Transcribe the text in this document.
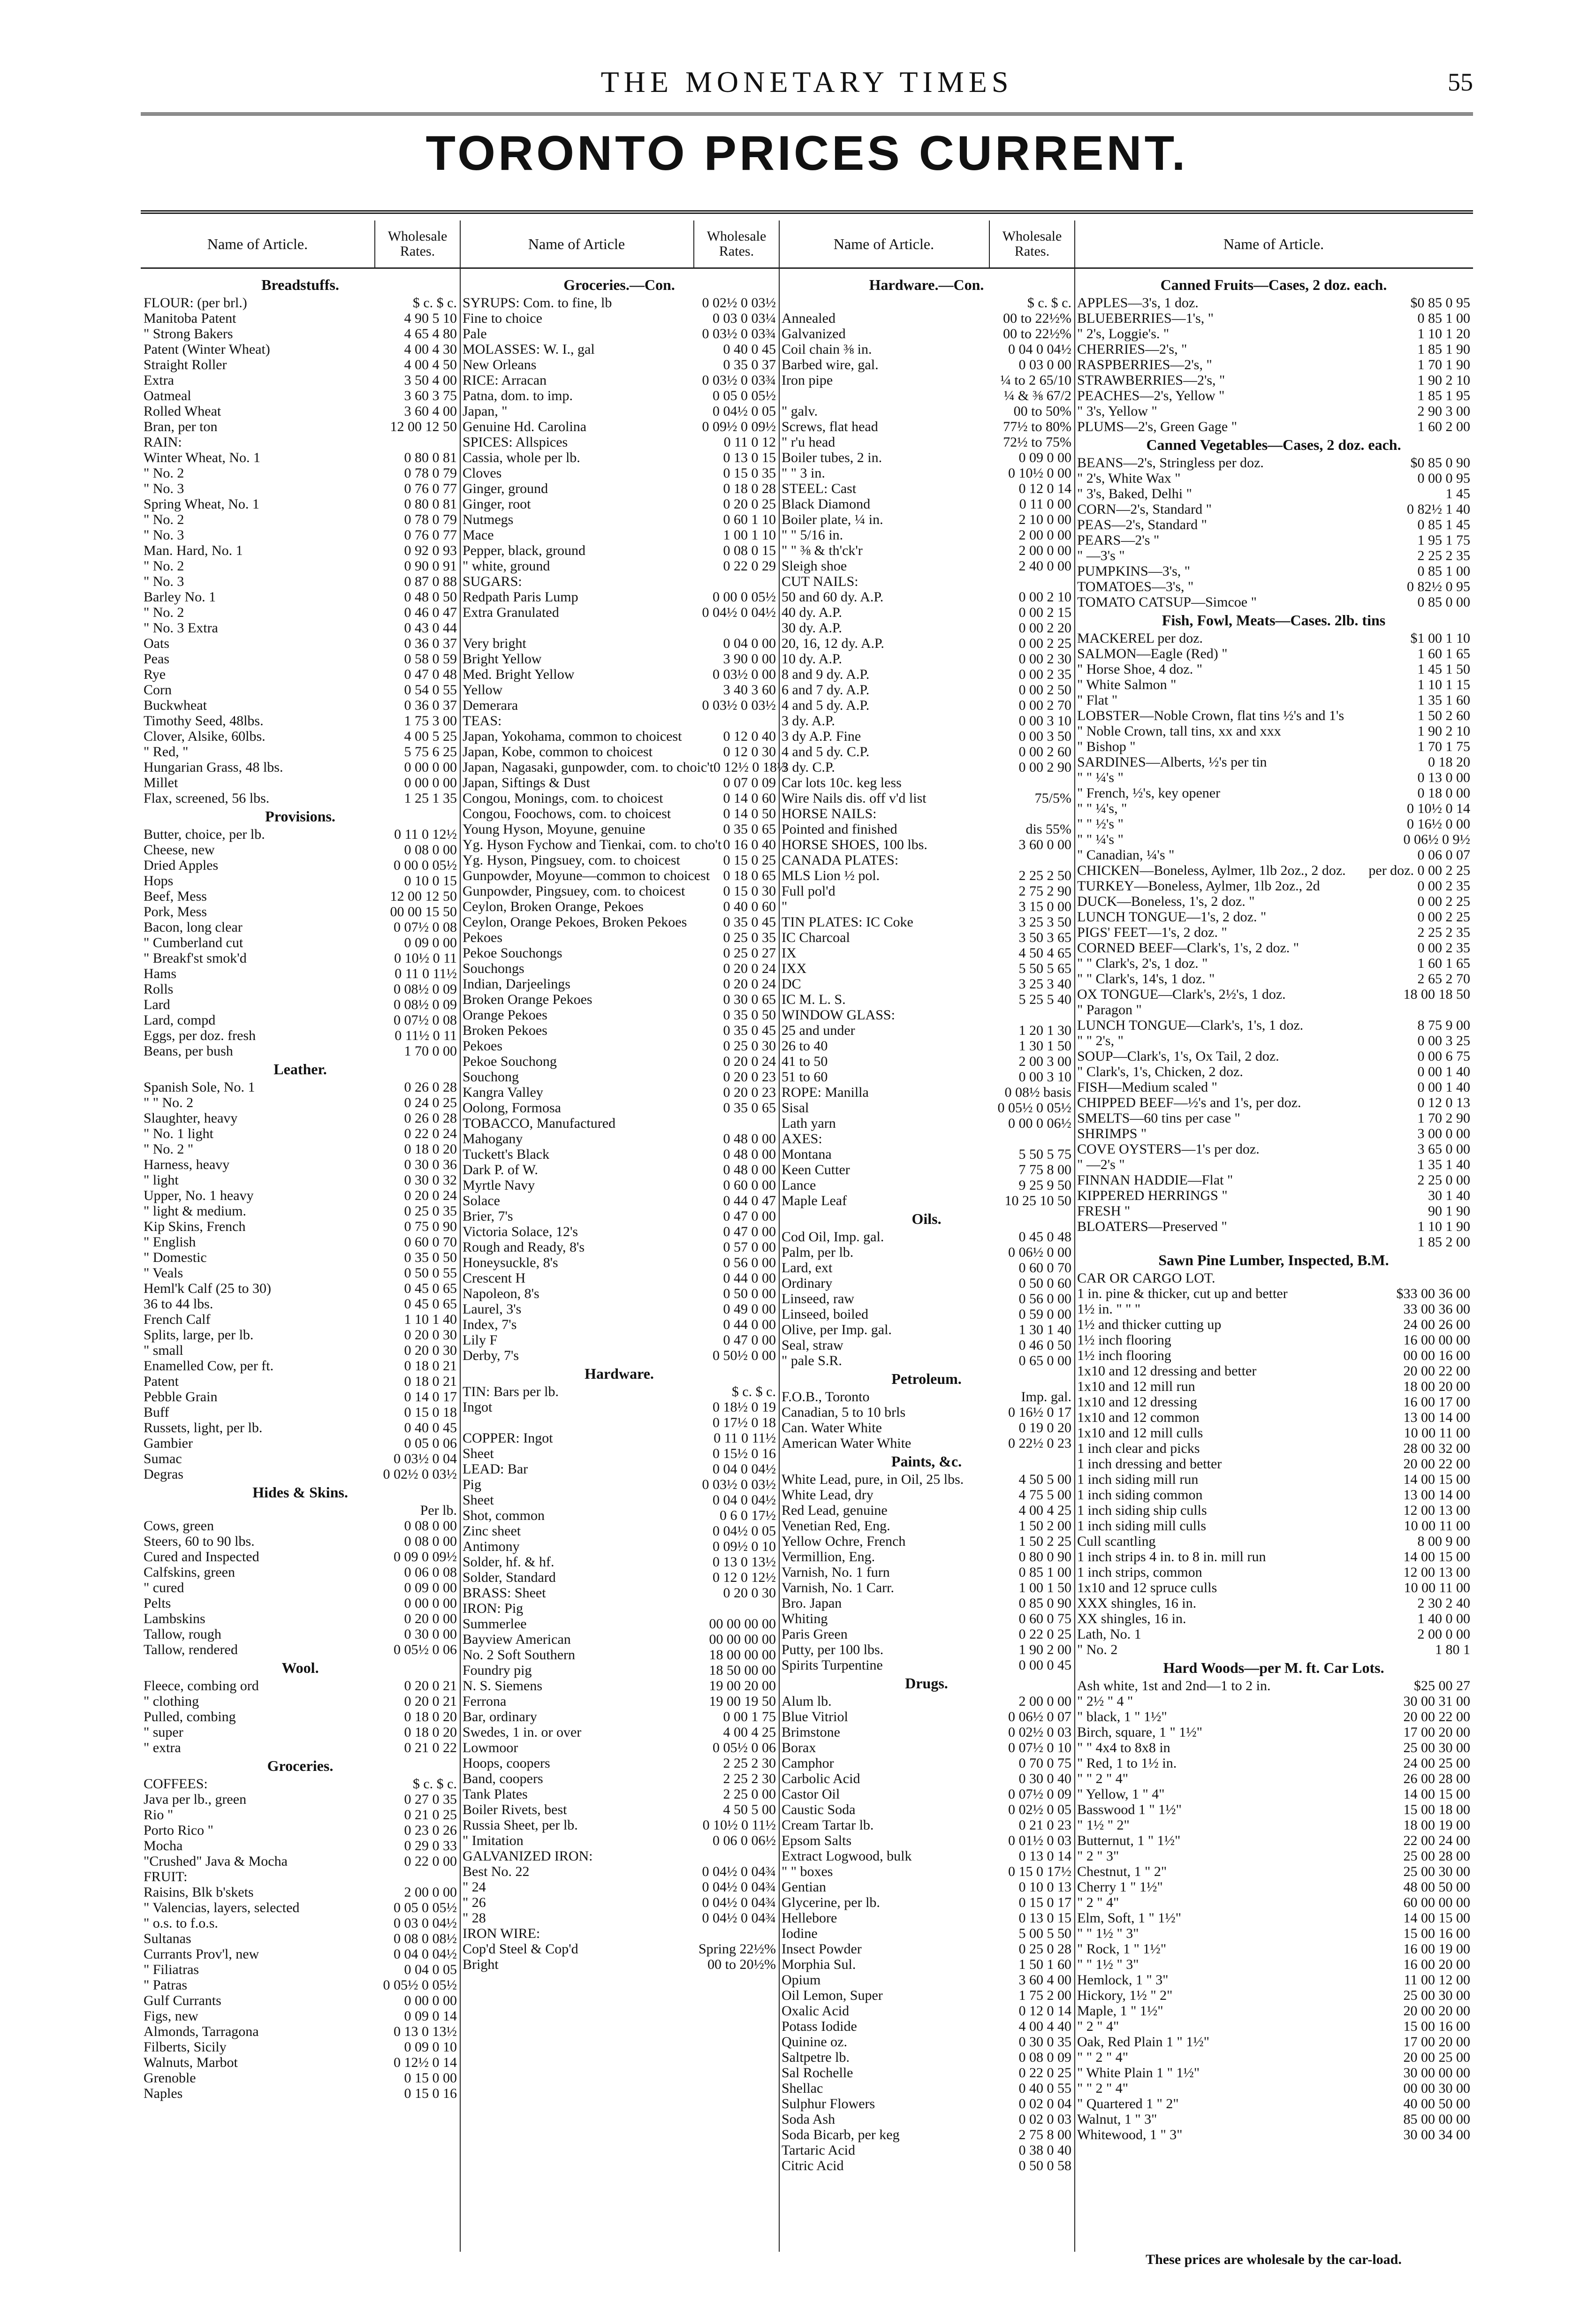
THE MONETARY TIMES	55
TORONTO PRICES CURRENT.
Name of Article.	Wholesale Rates.
Breadstuffs.
FLOUR: (per brl.)	$ c. $ c.
Manitoba Patent	4 90 5 10
" Strong Bakers	4 65 4 80
Patent (Winter Wheat)	4 00 4 30
Straight Roller	4 00 4 50
Extra	3 50 4 00
Oatmeal	3 60 3 75
Rolled Wheat	3 60 4 00
Bran, per ton	12 00 12 50
RAIN:
Winter Wheat, No. 1	0 80 0 81
" No. 2	0 78 0 79
" No. 3	0 76 0 77
Spring Wheat, No. 1	0 80 0 81
" No. 2	0 78 0 79
" No. 3	0 76 0 77
Man. Hard, No. 1	0 92 0 93
" No. 2	0 90 0 91
" No. 3	0 87 0 88
Barley No. 1	0 48 0 50
" No. 2	0 46 0 47
" No. 3 Extra	0 43 0 44
Oats	0 36 0 37
Peas	0 58 0 59
Rye	0 47 0 48
Corn	0 54 0 55
Buckwheat	0 36 0 37
Timothy Seed, 48lbs.	1 75 3 00
Clover, Alsike, 60lbs.	4 00 5 25
" Red, "	5 75 6 25
Hungarian Grass, 48 lbs.	0 00 0 00
Millet	0 00 0 00
Flax, screened, 56 lbs.	1 25 1 35
Provisions.
Butter, choice, per lb.	0 11 0 12½
Cheese, new	0 08 0 00
Dried Apples	0 00 0 05½
Hops	0 10 0 15
Beef, Mess	12 00 12 50
Pork, Mess	00 00 15 50
Bacon, long clear	0 07½ 0 08
" Cumberland cut	0 09 0 00
" Breakf'st smok'd	0 10½ 0 11
Hams	0 11 0 11½
Rolls	0 08½ 0 09
Lard	0 08½ 0 09
Lard, compd	0 07½ 0 08
Eggs, per doz. fresh	0 11½ 0 11
Beans, per bush	1 70 0 00
Leather.
Spanish Sole, No. 1	0 26 0 28
" " No. 2	0 24 0 25
Slaughter, heavy	0 26 0 28
" No. 1 light	0 22 0 24
" No. 2 "	0 18 0 20
Harness, heavy	0 30 0 36
" light	0 30 0 32
Upper, No. 1 heavy	0 20 0 24
" light & medium.	0 25 0 35
Kip Skins, French	0 75 0 90
" English	0 60 0 70
" Domestic	0 35 0 50
" Veals	0 50 0 55
Heml'k Calf (25 to 30)	0 45 0 65
36 to 44 lbs.	0 45 0 65
French Calf	1 10 1 40
Splits, large, per lb.	0 20 0 30
" small	0 20 0 30
Enamelled Cow, per ft.	0 18 0 21
Patent	0 18 0 21
Pebble Grain	0 14 0 17
Buff	0 15 0 18
Russets, light, per lb.	0 40 0 45
Gambier	0 05 0 06
Sumac	0 03½ 0 04
Degras	0 02½ 0 03½
Hides & Skins.
Per lb.
Cows, green	0 08 0 00
Steers, 60 to 90 lbs.	0 08 0 00
Cured and Inspected	0 09 0 09½
Calfskins, green	0 06 0 08
" cured	0 09 0 00
Pelts	0 00 0 00
Lambskins	0 20 0 00
Tallow, rough	0 30 0 00
Tallow, rendered	0 05½ 0 06
Wool.
Fleece, combing ord	0 20 0 21
" clothing	0 20 0 21
Pulled, combing	0 18 0 20
" super	0 18 0 20
" extra	0 21 0 22
Groceries.
COFFEES:	$ c. $ c.
Java per lb., green	0 27 0 35
Rio "	0 21 0 25
Porto Rico "	0 23 0 26
Mocha	0 29 0 33
"Crushed" Java & Mocha	0 22 0 00
FRUIT:
Raisins, Blk b'skets	2 00 0 00
" Valencias, layers, selected	0 05 0 05½
" o.s. to f.o.s.	0 03 0 04½
Sultanas	0 08 0 08½
Currants Prov'l, new	0 04 0 04½
" Filiatras	0 04 0 05
" Patras	0 05½ 0 05½
Gulf Currants	0 00 0 00
Figs, new	0 09 0 14
Almonds, Tarragona	0 13 0 13½
Filberts, Sicily	0 09 0 10
Walnuts, Marbot	0 12½ 0 14
Grenoble	0 15 0 00
Naples	0 15 0 16
Name of Article	Wholesale Rates.
Groceries.—Con.
SYRUPS: Com. to fine, lb	0 02½ 0 03½
Fine to choice	0 03 0 03¼
Pale	0 03½ 0 03¾
MOLASSES: W. I., gal	0 40 0 45
New Orleans	0 35 0 37
RICE: Arracan	0 03½ 0 03¾
Patna, dom. to imp.	0 05 0 05½
Japan, "	0 04½ 0 05
Genuine Hd. Carolina	0 09½ 0 09½
SPICES: Allspices	0 11 0 12
Cassia, whole per lb.	0 13 0 15
Cloves	0 15 0 35
Ginger, ground	0 18 0 28
Ginger, root	0 20 0 25
Nutmegs	0 60 1 10
Mace	1 00 1 10
Pepper, black, ground	0 08 0 15
" white, ground	0 22 0 29
SUGARS:
Redpath Paris Lump	0 00 0 05½
Extra Granulated	0 04½ 0 04½
Very bright	0 04 0 00
Bright Yellow	3 90 0 00
Med. Bright Yellow	0 03½ 0 00
Yellow	3 40 3 60
Demerara	0 03½ 0 03½
TEAS:
Japan, Yokohama, common to choicest	0 12 0 40
Japan, Kobe, common to choicest	0 12 0 30
Japan, Nagasaki, gunpowder, com. to choic't 0 12½ 0 18½
Japan, Siftings & Dust	0 07 0 09
Congou, Monings, com. to choicest	0 14 0 60
Congou, Foochows, com. to choicest	0 14 0 50
Young Hyson, Moyune, genuine	0 35 0 65
Yg. Hyson Fychow and Tienkai, com. to cho't 0 16 0 40
Yg. Hyson, Pingsuey, com. to choicest	0 15 0 25
Gunpowder, Moyune—common to choicest 0 18 0 65
Gunpowder, Pingsuey, com. to choicest	0 15 0 30
Ceylon, Broken Orange, Pekoes	0 40 0 60
Ceylon, Orange Pekoes, Broken Pekoes	0 35 0 45
Pekoes	0 25 0 35
Pekoe Souchongs	0 25 0 27
Souchongs	0 20 0 24
Indian, Darjeelings	0 20 0 24
Broken Orange Pekoes	0 30 0 65
Orange Pekoes	0 35 0 50
Broken Pekoes	0 35 0 45
Pekoes	0 25 0 30
Pekoe Souchong	0 20 0 24
Souchong	0 20 0 23
Kangra Valley	0 20 0 23
Oolong, Formosa	0 35 0 65
TOBACCO, Manufactured
Mahogany	0 48 0 00
Tuckett's Black	0 48 0 00
Dark P. of W.	0 48 0 00
Myrtle Navy	0 60 0 00
Solace	0 44 0 47
Brier, 7's	0 47 0 00
Victoria Solace, 12's	0 47 0 00
Rough and Ready, 8's	0 57 0 00
Honeysuckle, 8's	0 56 0 00
Crescent H	0 44 0 00
Napoleon, 8's	0 50 0 00
Laurel, 3's	0 49 0 00
Index, 7's	0 44 0 00
Lily F	0 47 0 00
Derby, 7's	0 50½ 0 00
Hardware.
TIN: Bars per lb.	$ c. $ c.
Ingot	0 18½ 0 19
0 17½ 0 18
COPPER: Ingot	0 11 0 11½
Sheet	0 15½ 0 16
LEAD: Bar	0 04 0 04½
Pig	0 03½ 0 03½
Sheet	0 04 0 04½
Shot, common	0 6 0 17½
Zinc sheet	0 04½ 0 05
Antimony	0 09½ 0 10
Solder, hf. & hf.	0 13 0 13½
Solder, Standard	0 12 0 12½
BRASS: Sheet	0 20 0 30
IRON: Pig
Summerlee	00 00 00 00
Bayview American	00 00 00 00
No. 2 Soft Southern	18 00 00 00
Foundry pig	18 50 00 00
N. S. Siemens	19 00 20 00
Ferrona	19 00 19 50
Bar, ordinary	0 00 1 75
Swedes, 1 in. or over	4 00 4 25
Lowmoor	0 05½ 0 06
Hoops, coopers	2 25 2 30
Band, coopers	2 25 2 30
Tank Plates	2 25 0 00
Boiler Rivets, best	4 50 5 00
Russia Sheet, per lb.	0 10½ 0 11½
" Imitation	0 06 0 06½
GALVANIZED IRON:
Best No. 22	0 04½ 0 04¾
" 24	0 04½ 0 04¾
" 26	0 04½ 0 04¾
" 28	0 04½ 0 04¾
IRON WIRE:
Cop'd Steel & Cop'd	Spring 22½%
Bright	00 to 20½%
Name of Article.	Wholesale Rates.
Hardware.—Con.
$ c. $ c.
Annealed	00 to 22½%
Galvanized	00 to 22½%
Coil chain ⅜ in.	0 04 0 04½
Barbed wire, gal.	0 03 0 00
Iron pipe	¼ to 2 65/10
¼ & ⅜ 67/2
" galv.	00 to 50%
Screws, flat head	77½ to 80%
" r'u head	72½ to 75%
Boiler tubes, 2 in.	0 09 0 00
" " 3 in.	0 10½ 0 00
STEEL: Cast	0 12 0 14
Black Diamond	0 11 0 00
Boiler plate, ¼ in.	2 10 0 00
" " 5/16 in.	2 00 0 00
" " ⅜ & th'ck'r	2 00 0 00
Sleigh shoe	2 40 0 00
CUT NAILS:
50 and 60 dy. A.P.	0 00 2 10
40 dy. A.P.	0 00 2 15
30 dy. A.P.	0 00 2 20
20, 16, 12 dy. A.P.	0 00 2 25
10 dy. A.P.	0 00 2 30
8 and 9 dy. A.P.	0 00 2 35
6 and 7 dy. A.P.	0 00 2 50
4 and 5 dy. A.P.	0 00 2 70
3 dy. A.P.	0 00 3 10
3 dy A.P. Fine	0 00 3 50
4 and 5 dy. C.P.	0 00 2 60
3 dy. C.P.	0 00 2 90
Car lots 10c. keg less
Wire Nails dis. off v'd list	75/5%
HORSE NAILS:
Pointed and finished	dis 55%
HORSE SHOES, 100 lbs.	3 60 0 00
CANADA PLATES:
MLS Lion ½ pol.	2 25 2 50
Full pol'd	2 75 2 90
"	3 15 0 00
TIN PLATES: IC Coke	3 25 3 50
IC Charcoal	3 50 3 65
IX	4 50 4 65
IXX	5 50 5 65
DC	3 25 3 40
IC M. L. S.	5 25 5 40
WINDOW GLASS:
25 and under	1 20 1 30
26 to 40	1 30 1 50
41 to 50	2 00 3 00
51 to 60	0 00 3 10
ROPE: Manilla	0 08½ basis
Sisal	0 05½ 0 05½
Lath yarn	0 00 0 06½
AXES:
Montana	5 50 5 75
Keen Cutter	7 75 8 00
Lance	9 25 9 50
Maple Leaf	10 25 10 50
Oils.
Cod Oil, Imp. gal.	0 45 0 48
Palm, per lb.	0 06½ 0 00
Lard, ext	0 60 0 70
Ordinary	0 50 0 60
Linseed, raw	0 56 0 00
Linseed, boiled	0 59 0 00
Olive, per Imp. gal.	1 30 1 40
Seal, straw	0 46 0 50
" pale S.R.	0 65 0 00
Petroleum.
F.O.B., Toronto	Imp. gal.
Canadian, 5 to 10 brls	0 16½ 0 17
Can. Water White	0 19 0 20
American Water White	0 22½ 0 23
Paints, &c.
White Lead, pure, in Oil, 25 lbs.	4 50 5 00
White Lead, dry	4 75 5 00
Red Lead, genuine	4 00 4 25
Venetian Red, Eng.	1 50 2 00
Yellow Ochre, French	1 50 2 25
Vermillion, Eng.	0 80 0 90
Varnish, No. 1 furn	0 85 1 00
Varnish, No. 1 Carr.	1 00 1 50
Bro. Japan	0 85 0 90
Whiting	0 60 0 75
Paris Green	0 22 0 25
Putty, per 100 lbs.	1 90 2 00
Spirits Turpentine	0 00 0 45
Drugs.
Alum lb.	2 00 0 00
Blue Vitriol	0 06½ 0 07
Brimstone	0 02½ 0 03
Borax	0 07½ 0 10
Camphor	0 70 0 75
Carbolic Acid	0 30 0 40
Castor Oil	0 07½ 0 09
Caustic Soda	0 02½ 0 05
Cream Tartar lb.	0 21 0 23
Epsom Salts	0 01½ 0 03
Extract Logwood, bulk	0 13 0 14
" " boxes	0 15 0 17½
Gentian	0 10 0 13
Glycerine, per lb.	0 15 0 17
Hellebore	0 13 0 15
Iodine	5 00 5 50
Insect Powder	0 25 0 28
Morphia Sul.	1 50 1 60
Opium	3 60 4 00
Oil Lemon, Super	1 75 2 00
Oxalic Acid	0 12 0 14
Potass Iodide	4 00 4 40
Quinine oz.	0 30 0 35
Saltpetre lb.	0 08 0 09
Sal Rochelle	0 22 0 25
Shellac	0 40 0 55
Sulphur Flowers	0 02 0 04
Soda Ash	0 02 0 03
Soda Bicarb, per keg	2 75 8 00
Tartaric Acid	0 38 0 40
Citric Acid	0 50 0 58
Name of Article.
Canned Fruits—Cases, 2 doz. each.
APPLES—3's, 1 doz.	$0 85 0 95
BLUEBERRIES—1's, "	0 85 1 00
" 2's, Loggie's. "	1 10 1 20
CHERRIES—2's, "	1 85 1 90
RASPBERRIES—2's, "	1 70 1 90
STRAWBERRIES—2's, "	1 90 2 10
PEACHES—2's, Yellow "	1 85 1 95
" 3's, Yellow "	2 90 3 00
PLUMS—2's, Green Gage "	1 60 2 00
Canned Vegetables—Cases, 2 doz. each.
BEANS—2's, Stringless per doz.	$0 85 0 90
" 2's, White Wax "	0 00 0 95
" 3's, Baked, Delhi "	1 45
CORN—2's, Standard "	0 82½ 1 40
PEAS—2's, Standard "	0 85 1 45
PEARS—2's "	1 95 1 75
" —3's "	2 25 2 35
PUMPKINS—3's, "	0 85 1 00
TOMATOES—3's, "	0 82½ 0 95
TOMATO CATSUP—Simcoe "	0 85 0 00
Fish, Fowl, Meats—Cases. 2lb. tins
MACKEREL per doz.	$1 00 1 10
SALMON—Eagle (Red) "	1 60 1 65
" Horse Shoe, 4 doz. "	1 45 1 50
" White Salmon "	1 10 1 15
" Flat "	1 35 1 60
LOBSTER—Noble Crown, flat tins ½'s and 1's	1 50 2 60
" Noble Crown, tall tins, xx and xxx	1 90 2 10
" Bishop "	1 70 1 75
SARDINES—Alberts, ½'s per tin	0 18 20
" " ¼'s "	0 13 0 00
" French, ½'s, key opener	0 18 0 00
" " ¼'s, "	0 10½ 0 14
" " ½'s "	0 16½ 0 00
" " ¼'s "	0 06½ 0 9½
" Canadian, ¼'s "	0 06 0 07
CHICKEN—Boneless, Aylmer, 1lb 2oz., 2 doz.	per doz. 0 00 2 25
TURKEY—Boneless, Aylmer, 1lb 2oz., 2d	0 00 2 35
DUCK—Boneless, 1's, 2 doz. "	0 00 2 25
LUNCH TONGUE—1's, 2 doz. "	0 00 2 25
PIGS' FEET—1's, 2 doz. "	2 25 2 35
CORNED BEEF—Clark's, 1's, 2 doz. "	0 00 2 35
" " Clark's, 2's, 1 doz. "	1 60 1 65
" " Clark's, 14's, 1 doz. "	2 65 2 70
OX TONGUE—Clark's, 2½'s, 1 doz.	18 00 18 50
" Paragon "
LUNCH TONGUE—Clark's, 1's, 1 doz.	8 75 9 00
" " 2's, "	0 00 3 25
SOUP—Clark's, 1's, Ox Tail, 2 doz.	0 00 6 75
" Clark's, 1's, Chicken, 2 doz.	0 00 1 40
FISH—Medium scaled "	0 00 1 40
CHIPPED BEEF—½'s and 1's, per doz.	0 12 0 13
SMELTS—60 tins per case "	1 70 2 90
SHRIMPS "	3 00 0 00
COVE OYSTERS—1's per doz.	3 65 0 00
" —2's "	1 35 1 40
FINNAN HADDIE—Flat "	2 25 0 00
KIPPERED HERRINGS "	30 1 40
FRESH "	90 1 90
BLOATERS—Preserved "	1 10 1 90
1 85 2 00
Sawn Pine Lumber, Inspected, B.M.
CAR OR CARGO LOT.
1 in. pine & thicker, cut up and better	$33 00 36 00
1½ in. " " "	33 00 36 00
1½ and thicker cutting up	24 00 26 00
1½ inch flooring	16 00 00 00
1½ inch flooring	00 00 16 00
1x10 and 12 dressing and better	20 00 22 00
1x10 and 12 mill run	18 00 20 00
1x10 and 12 dressing	16 00 17 00
1x10 and 12 common	13 00 14 00
1x10 and 12 mill culls	10 00 11 00
1 inch clear and picks	28 00 32 00
1 inch dressing and better	20 00 22 00
1 inch siding mill run	14 00 15 00
1 inch siding common	13 00 14 00
1 inch siding ship culls	12 00 13 00
1 inch siding mill culls	10 00 11 00
Cull scantling	8 00 9 00
1 inch strips 4 in. to 8 in. mill run	14 00 15 00
1 inch strips, common	12 00 13 00
1x10 and 12 spruce culls	10 00 11 00
XXX shingles, 16 in.	2 30 2 40
XX shingles, 16 in.	1 40 0 00
Lath, No. 1	2 00 0 00
" No. 2	1 80 1
Hard Woods—per M. ft. Car Lots.
Ash white, 1st and 2nd—1 to 2 in.	$25 00 27
" 2½ " 4 "	30 00 31 00
" black, 1 " 1½"	20 00 22 00
Birch, square, 1 " 1½"	17 00 20 00
" " 4x4 to 8x8 in	25 00 30 00
" Red, 1 to 1½ in.	24 00 25 00
" " 2 " 4"	26 00 28 00
" Yellow, 1 " 4"	14 00 15 00
Basswood 1 " 1½"	15 00 18 00
" 1½ " 2"	18 00 19 00
Butternut, 1 " 1½"	22 00 24 00
" 2 " 3"	25 00 28 00
Chestnut, 1 " 2"	25 00 30 00
Cherry 1 " 1½"	48 00 50 00
" 2 " 4"	60 00 00 00
Elm, Soft, 1 " 1½"	14 00 15 00
" " 1½ " 3"	15 00 16 00
" Rock, 1 " 1½"	16 00 19 00
" " 1½ " 3"	16 00 20 00
Hemlock, 1 " 3"	11 00 12 00
Hickory, 1½ " 2"	25 00 30 00
Maple, 1 " 1½"	20 00 20 00
" 2 " 4"	15 00 16 00
Oak, Red Plain 1 " 1½"	17 00 20 00
" " 2 " 4"	20 00 25 00
" White Plain 1 " 1½"	30 00 00 00
" " 2 " 4"	00 00 30 00
" Quartered 1 " 2"	40 00 50 00
Walnut, 1 " 3"	85 00 00 00
Whitewood, 1 " 3"	30 00 34 00
These prices are wholesale by the car-load.
